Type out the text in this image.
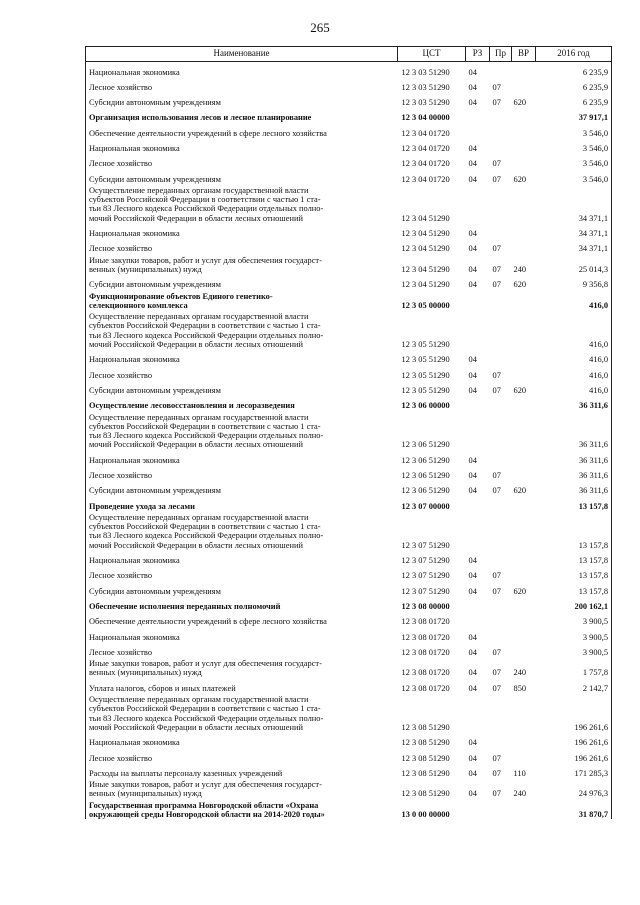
265
Наименование	ЦСТ	РЗ	Пр	ВР	2016 год
Национальная экономика	12 3 03 51290	04			6 235,9
Лесное хозяйство	12 3 03 51290	04	07		6 235,9
Субсидии автономным учреждениям	12 3 03 51290	04	07	620	6 235,9
Организация использования лесов и лесное планирование	12 3 04 00000				37 917,1
Обеспечение деятельности учреждений в сфере лесного хозяйства	12 3 04 01720				3 546,0
Национальная экономика	12 3 04 01720	04			3 546,0
Лесное хозяйство	12 3 04 01720	04	07		3 546,0
Субсидии автономным учреждениям	12 3 04 01720	04	07	620	3 546,0
Осуществление переданных органам государственной власти
субъектов Российской Федерации в соответствии с частью 1 ста-
тьи 83 Лесного кодекса Российской Федерации отдельных полно-
мочий Российской Федерации в области лесных отношений	12 3 04 51290				34 371,1
Национальная экономика	12 3 04 51290	04			34 371,1
Лесное хозяйство	12 3 04 51290	04	07		34 371,1
Иные закупки товаров, работ и услуг для обеспечения государст-
венных (муниципальных) нужд	12 3 04 51290	04	07	240	25 014,3
Субсидии автономным учреждениям	12 3 04 51290	04	07	620	9 356,8
Функционирование объектов Единого генетико-
селекционного комплекса	12 3 05 00000				416,0
Осуществление переданных органам государственной власти
субъектов Российской Федерации в соответствии с частью 1 ста-
тьи 83 Лесного кодекса Российской Федерации отдельных полно-
мочий Российской Федерации в области лесных отношений	12 3 05 51290				416,0
Национальная экономика	12 3 05 51290	04			416,0
Лесное хозяйство	12 3 05 51290	04	07		416,0
Субсидии автономным учреждениям	12 3 05 51290	04	07	620	416,0
Осуществление лесовосстановления и лесоразведения	12 3 06 00000				36 311,6
Осуществление переданных органам государственной власти
субъектов Российской Федерации в соответствии с частью 1 ста-
тьи 83 Лесного кодекса Российской Федерации отдельных полно-
мочий Российской Федерации в области лесных отношений	12 3 06 51290				36 311,6
Национальная экономика	12 3 06 51290	04			36 311,6
Лесное хозяйство	12 3 06 51290	04	07		36 311,6
Субсидии автономным учреждениям	12 3 06 51290	04	07	620	36 311,6
Проведение ухода за лесами	12 3 07 00000				13 157,8
Осуществление переданных органам государственной власти
субъектов Российской Федерации в соответствии с частью 1 ста-
тьи 83 Лесного кодекса Российской Федерации отдельных полно-
мочий Российской Федерации в области лесных отношений	12 3 07 51290				13 157,8
Национальная экономика	12 3 07 51290	04			13 157,8
Лесное хозяйство	12 3 07 51290	04	07		13 157,8
Субсидии автономным учреждениям	12 3 07 51290	04	07	620	13 157,8
Обеспечение исполнения переданных полномочий	12 3 08 00000				200 162,1
Обеспечение деятельности учреждений в сфере лесного хозяйства	12 3 08 01720				3 900,5
Национальная экономика	12 3 08 01720	04			3 900,5
Лесное хозяйство	12 3 08 01720	04	07		3 900,5
Иные закупки товаров, работ и услуг для обеспечения государст-
венных (муниципальных) нужд	12 3 08 01720	04	07	240	1 757,8
Уплата налогов, сборов и иных платежей	12 3 08 01720	04	07	850	2 142,7
Осуществление переданных органам государственной власти
субъектов Российской Федерации в соответствии с частью 1 ста-
тьи 83 Лесного кодекса Российской Федерации отдельных полно-
мочий Российской Федерации в области лесных отношений	12 3 08 51290				196 261,6
Национальная экономика	12 3 08 51290	04			196 261,6
Лесное хозяйство	12 3 08 51290	04	07		196 261,6
Расходы на выплаты персоналу казенных учреждений	12 3 08 51290	04	07	110	171 285,3
Иные закупки товаров, работ и услуг для обеспечения государст-
венных (муниципальных) нужд	12 3 08 51290	04	07	240	24 976,3
Государственная программа Новгородской области «Охрана
окружающей среды Новгородской области на 2014-2020 годы»	13 0 00 00000				31 870,7
